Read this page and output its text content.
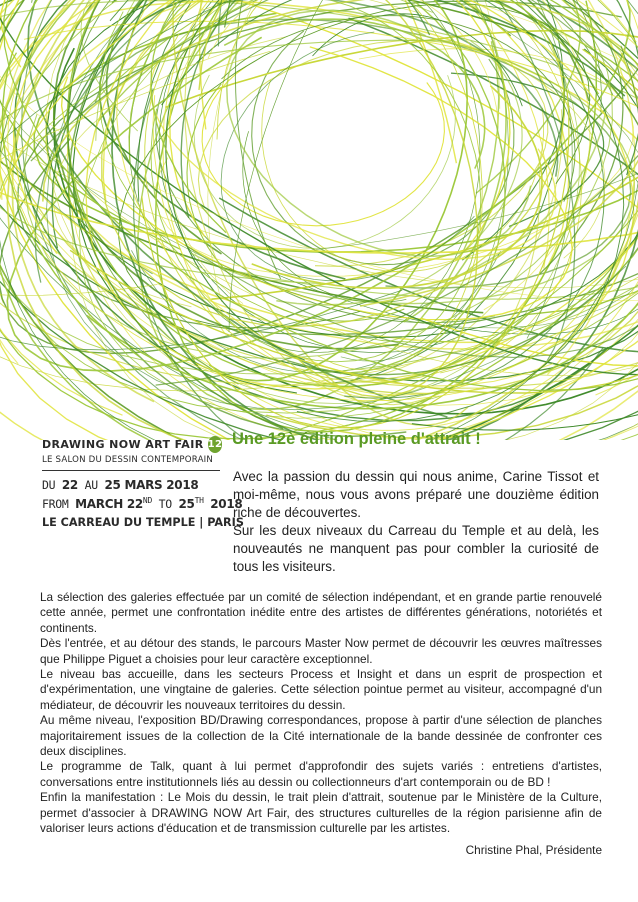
DRAWING NOW ART FAIR 12
LE SALON DU DESSIN CONTEMPORAIN
DU 22 AU 25 MARS 2018
FROM MARCH 22ND TO 25TH 2018
LE CARREAU DU TEMPLE | PARIS
Une 12è édition pleine d'attrait !

Avec la passion du dessin qui nous anime, Carine Tissot et moi-même, nous vous avons préparé une douzième édition riche de découvertes.

Sur les deux niveaux du Carreau du Temple et au delà, les nouveautés ne manquent pas pour combler la curiosité de tous les visiteurs.

La sélection des galeries effectuée par un comité de sélection indépendant, et en grande partie renouvelé cette année, permet une confrontation inédite entre des artistes de différentes générations, notoriétés et continents.

Dès l'entrée, et au détour des stands, le parcours Master Now permet de découvrir les œuvres maîtresses que Philippe Piguet a choisies pour leur caractère exceptionnel.

Le niveau bas accueille, dans les secteurs Process et Insight et dans un esprit de prospection et d'expérimentation, une vingtaine de galeries. Cette sélection pointue permet au visiteur, accompagné d'un médiateur, de découvrir les nouveaux territoires du dessin.

Au même niveau, l'exposition BD/Drawing correspondances, propose à partir d'une sélection de planches majoritairement issues de la collection de la Cité internationale de la bande dessinée de confronter ces deux disciplines.

Le programme de Talk, quant à lui permet d'approfondir des sujets variés : entretiens d'artistes, conversations entre institutionnels liés au dessin ou collectionneurs d'art contemporain ou de BD !

Enfin la manifestation : Le Mois du dessin, le trait plein d'attrait, soutenue par le Ministère de la Culture, permet d'associer à DRAWING NOW Art Fair, des structures culturelles de la région parisienne afin de valoriser leurs actions d'éducation et de transmission culturelle par les artistes.

Christine Phal, Présidente
